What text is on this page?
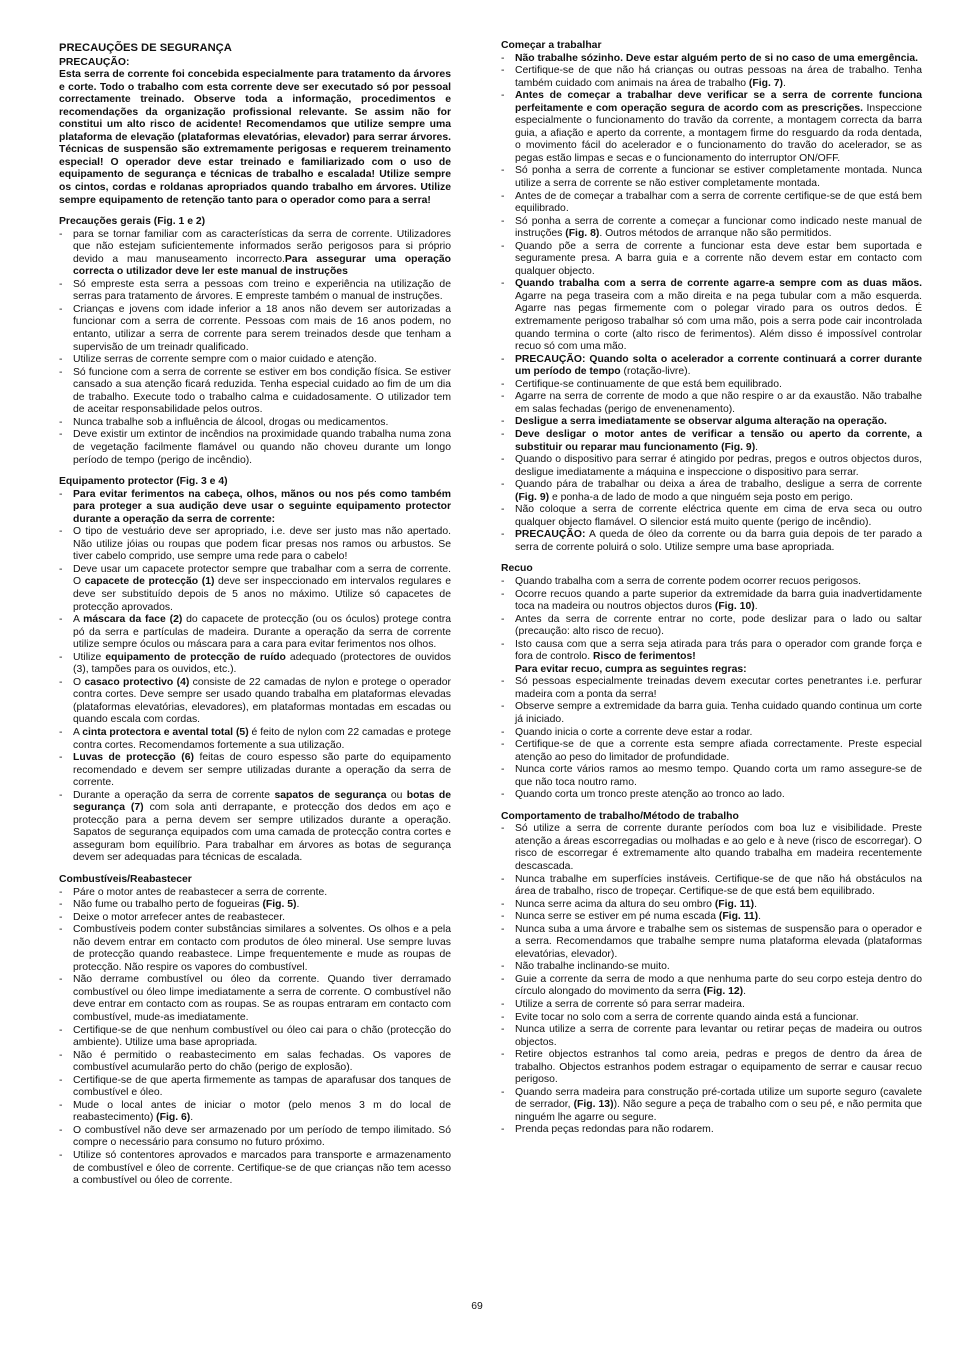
PRECAUÇÕES DE SEGURANÇA

PRECAUÇÃO:

Esta serra de corrente foi concebida especialmente para tratamento da árvores e corte. Todo o trabalho com esta corrente deve ser executado só por pessoal correctamente treinado. Observe toda a informação, procedimentos e recomendações da organização profissional relevante. Se assim não for constitui um alto risco de acidente! Recomendamos que utilize sempre uma plataforma de elevação (plataformas elevatórias, elevador) para serrar árvores. Técnicas de suspensão são extremamente perigosas e requerem treinamento especial! O operador deve estar treinado e familiarizado com o uso de equipamento de segurança e técnicas de trabalho e escalada! Utilize sempre os cintos, cordas e roldanas apropriados quando trabalho em árvores. Utilize sempre equipamento de retenção tanto para o operador como para a serra!

Precauções gerais (Fig. 1 e 2)
- para se tornar familiar com as características da serra de corrente. Utilizadores que não estejam suficientemente informados serão perigosos para si próprio devido a mau manuseamento incorrecto.Para assegurar uma operação correcta o utilizador deve ler este manual de instruções
- Só empreste esta serra a pessoas com treino e experiência na utilização de serras para tratamento de árvores. E empreste também o manual de instruções.
- Crianças e jovens com idade inferior a 18 anos não devem ser autorizadas a funcionar com a serra de corrente. Pessoas com mais de 16 anos podem, no entanto, utilizar a serra de corrente para serem treinados desde que tenham a supervisão de um treinadr qualificado.
- Utilize serras de corrente sempre com o maior cuidado e atenção.
- Só funcione com a serra de corrente se estiver em bos condição física. Se estiver cansado a sua atenção ficará reduzida. Tenha especial cuidado ao fim de um dia de trabalho. Execute todo o trabalho calma e cuidadosamente. O utilizador tem de aceitar responsabilidade pelos outros.
- Nunca trabalhe sob a influência de álcool, drogas ou medicamentos.
- Deve existir um extintor de incêndios na proximidade quando trabalha numa zona de vegetação facilmente flamável ou quando não choveu durante um longo período de tempo (perigo de incêndio).
Equipamento protector (Fig. 3 e 4)
- Para evitar ferimentos na cabeça, olhos, mãnos ou nos pés como também para proteger a sua audição deve usar o seguinte equipamento protector durante a operação da serra de corrente:
- O tipo de vestuário deve ser apropriado, i.e. deve ser justo mas não apertado. Não utilize jóias ou roupas que podem ficar presas nos ramos ou arbustos. Se tiver cabelo comprido, use sempre uma rede para o cabelo!
- Deve usar um capacete protector sempre que trabalhar com a serra de corrente. O capacete de protecção (1) deve ser inspeccionado em intervalos regulares e deve ser substituído depois de 5 anos no máximo. Utilize só capacetes de protecção aprovados.
- A máscara da face (2) do capacete de protecção (ou os óculos) protege contra pó da serra e partículas de madeira. Durante a operação da serra de corrente utilize sempre óculos ou máscara para a cara para evitar ferimentos nos olhos.
- Utilize equipamento de protecção de ruído adequado (protectores de ouvidos (3), tampões para os ouvidos, etc.).
- O casaco protectivo (4) consiste de 22 camadas de nylon e protege o operador contra cortes. Deve sempre ser usado quando trabalha em plataformas elevadas (plataformas elevatórias, elevadores), em plataformas montadas em escadas ou quando escala com cordas.
- A cinta protectora e avental total (5) é feito de nylon com 22 camadas e protege contra cortes. Recomendamos fortemente a sua utilização.
- Luvas de protecção (6) feitas de couro espesso são parte do equipamento recomendado e devem ser sempre utilizadas durante a operação da serra de corrente.
- Durante a operação da serra de corrente sapatos de segurança ou botas de segurança (7) com sola anti derrapante, e protecção dos dedos em aço e protecção para a perna devem ser sempre utilizados durante a operação. Sapatos de segurança equipados com uma camada de protecção contra cortes e asseguram bom equilíbrio. Para trabalhar em árvores as botas de segurança devem ser adequadas para técnicas de escalada.
Combustíveis/Reabastecer
- Páre o motor antes de reabastecer a serra de corrente.
- Não fume ou trabalho perto de fogueiras (Fig. 5).
- Deixe o motor arrefecer antes de reabastecer.
- Combustíveis podem conter substâncias similares a solventes. Os olhos e a pela não devem entrar em contacto com produtos de óleo mineral. Use sempre luvas de protecção quando reabastece. Limpe frequentemente e mude as roupas de protecção. Não respire os vapores do combustível.
- Não derrame combustível ou óleo da corrente. Quando tiver derramado combustível ou óleo limpe imediatamente a serra de corrente. O combustível não deve entrar em contacto com as roupas. Se as roupas entraram em contacto com combustível, mude-as imediatamente.
- Certifique-se de que nenhum combustível ou óleo cai para o chão (protecção do ambiente). Utilize uma base apropriada.
- Não é permitido o reabastecimento em salas fechadas. Os vapores de combustível acumularão perto do chão (perigo de explosão).
- Certifique-se de que aperta firmemente as tampas de aparafusar dos tanques de combustível e óleo.
- Mude o local antes de iniciar o motor (pelo menos 3 m do local de reabastecimento) (Fig. 6).
- O combustível não deve ser armazenado por um período de tempo ilimitado. Só compre o necessário para consumo no futuro próximo.
- Utilize só contentores aprovados e marcados para transporte e armazenamento de combustível e óleo de corrente. Certifique-se de que crianças não tem acesso a combustível ou óleo de corrente.
Começar a trabalhar
- Não trabalhe sózinho. Deve estar alguém perto de si no caso de uma emergência.
- Certifique-se de que não há crianças ou outras pessoas na área de trabalho. Tenha também cuidado com animais na área de trabalho (Fig. 7).
- Antes de começar a trabalhar deve verificar se a serra de corrente funciona perfeitamente e com operação segura de acordo com as prescrições. Inspeccione especialmente o funcionamento do travão da corrente, a montagem correcta da barra guia, a afiação e aperto da corrente, a montagem firme do resguardo da roda dentada, o movimento fácil do acelerador e o funcionamento do travão do acelerador, se as pegas estão limpas e secas e o funcionamento do interruptor ON/OFF.
- Só ponha a serra de corrente a funcionar se estiver completamente montada. Nunca utilize a serra de corrente se não estiver completamente montada.
- Antes de de começar a trabalhar com a serra de corrente certifique-se de que está bem equilibrado.
- Só ponha a serra de corrente a começar a funcionar como indicado neste manual de instruções (Fig. 8). Outros métodos de arranque não são permitidos.
- Quando põe a serra de corrente a funcionar esta deve estar bem suportada e seguramente presa. A barra guia e a corrente não devem estar em contacto com qualquer objecto.
- Quando trabalha com a serra de corrente agarre-a sempre com as duas mãos. Agarre na pega traseira com a mão direita e na pega tubular com a mão esquerda. Agarre nas pegas firmemente com o polegar virado para os outros dedos. É extremamente perigoso trabalhar só com uma mão, pois a serra pode cair incontrolada quando termina o corte (alto risco de ferimentos). Além disso é impossível controlar recuo só com uma mão.
- PRECAUÇÃO: Quando solta o acelerador a corrente continuará a correr durante um período de tempo (rotação-livre).
- Certifique-se continuamente de que está bem equilibrado.
- Agarre na serra de corrente de modo a que não respire o ar da exaustão. Não trabalhe em salas fechadas (perigo de envenenamento).
- Desligue a serra imediatamente se observar alguma alteração na operação.
- Deve desligar o motor antes de verificar a tensão ou aperto da corrente, a substituir ou reparar mau funcionamento (Fig. 9).
- Quando o dispositivo para serrar é atingido por pedras, pregos e outros objectos duros, desligue imediatamente a máquina e inspeccione o dispositivo para serrar.
- Quando pára de trabalhar ou deixa a área de trabalho, desligue a serra de corrente (Fig. 9) e ponha-a de lado de modo a que ninguém seja posto em perigo.
- Não coloque a serra de corrente eléctrica quente em cima de erva seca ou outro qualquer objecto flamável. O silencior está muito quente (perigo de incêndio).
- PRECAUÇÃO: A queda de óleo da corrente ou da barra guia depois de ter parado a serra de corrente poluirá o solo. Utilize sempre uma base apropriada.
Recuo
- Quando trabalha com a serra de corrente podem ocorrer recuos perigosos.
- Ocorre recuos quando a parte superior da extremidade da barra guia inadvertidamente toca na madeira ou noutros objectos duros (Fig. 10).
- Antes da serra de corrente entrar no corte, pode deslizar para o lado ou saltar (precaução: alto risco de recuo).
- Isto causa com que a serra seja atirada para trás para o operador com grande força e fora de controlo. Risco de ferimentos!
Para evitar recuo, cumpra as seguintes regras:
- Só pessoas especialmente treinadas devem executar cortes penetrantes i.e. perfurar madeira com a ponta da serra!
- Observe sempre a extremidade da barra guia. Tenha cuidado quando continua um corte já iniciado.
- Quando inicia o corte a corrente deve estar a rodar.
- Certifique-se de que a corrente esta sempre afiada correctamente. Preste especial atenção ao peso do limitador de profundidade.
- Nunca corte vários ramos ao mesmo tempo. Quando corta um ramo assegure-se de que não toca noutro ramo.
- Quando corta um tronco preste atenção ao tronco ao lado.
Comportamento de trabalho/Método de trabalho
- Só utilize a serra de corrente durante períodos com boa luz e visibilidade. Preste atenção a áreas escorregadias ou molhadas e ao gelo e à neve (risco de escorregar). O risco de escorregar é extremamente alto quando trabalha em madeira recentemente descascada.
- Nunca trabalhe em superfícies instáveis. Certifique-se de que não há obstáculos na área de trabalho, risco de tropeçar. Certifique-se de que está bem equilibrado.
- Nunca serre acima da altura do seu ombro (Fig. 11).
- Nunca serre se estiver em pé numa escada (Fig. 11).
- Nunca suba a uma árvore e trabalhe sem os sistemas de suspensão para o operador e a serra. Recomendamos que trabalhe sempre numa plataforma elevada (plataformas elevatórias, elevador).
- Não trabalhe inclinando-se muito.
- Guie a corrente da serra de modo a que nenhuma parte do seu corpo esteja dentro do círculo alongado do movimento da serra (Fig. 12).
- Utilize a serra de corrente só para serrar madeira.
- Evite tocar no solo com a serra de corrente quando ainda está a funcionar.
- Nunca utilize a serra de corrente para levantar ou retirar peças de madeira ou outros objectos.
- Retire objectos estranhos tal como areia, pedras e pregos de dentro da área de trabalho. Objectos estranhos podem estragar o equipamento de serrar e causar recuo perigoso.
- Quando serra madeira para construção pré-cortada utilize um suporte seguro (cavalete de serrador, (Fig. 13)). Não segure a peça de trabalho com o seu pé, e não permita que ninguém lhe agarre ou segure.
- Prenda peças redondas para não rodarem.
69
